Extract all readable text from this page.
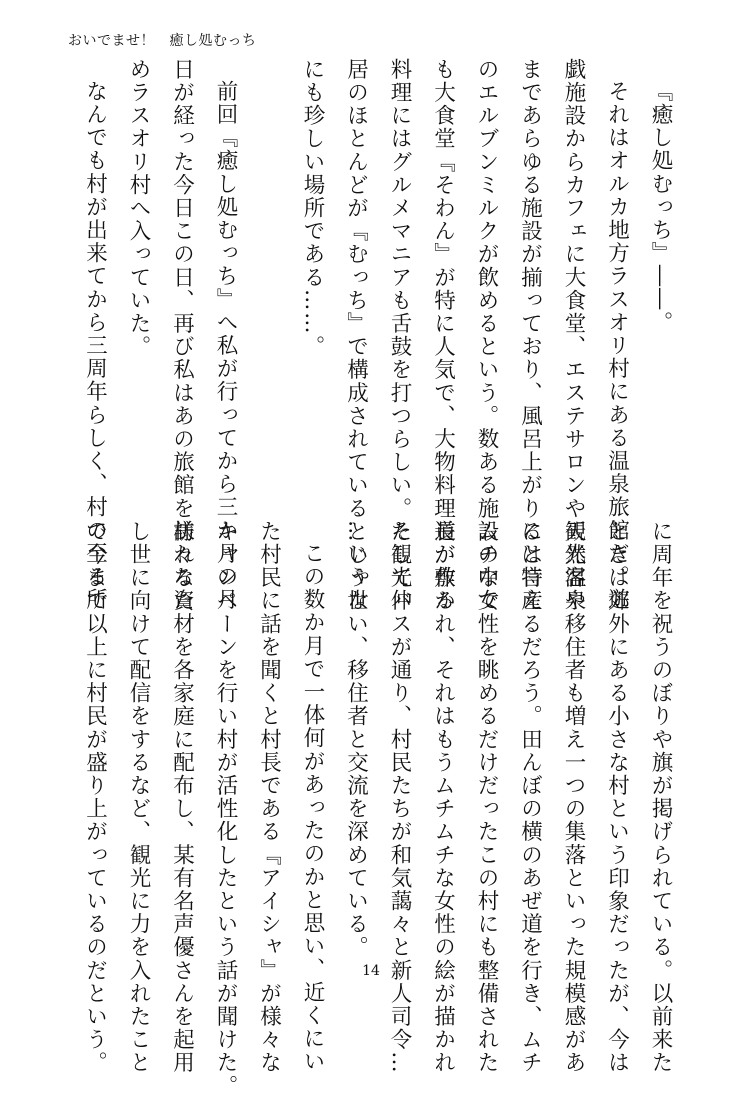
おいでませ！　癒し処むっち

『癒し処むっち』――。

それはオルカ地方ラスオリ村にある温泉旅館だ。遊

戯施設からカフェに大食堂、エステサロンや天然温泉

まであらゆる施設が揃っており、風呂上がりには特産

のエルブンミルクが飲めるという。数ある施設の中で

も大食堂『そわん』が特に人気で、大物料理長が作る

料理にはグルメマニアも舌鼓を打つらしい。そして仲

居のほとんどが『むっち』で構成されているという世

にも珍しい場所である……。

前回『癒し処むっち』へ私が行ってから三か月の月

日が経った今日この日、再び私はあの旅館を訪れるた

めラスオリ村へ入っていた。

なんでも村が出来てから三周年らしく、村の至る所

に周年を祝うのぼりや旗が掲げられている。以前来た

ときは郊外にある小さな村という印象だったが、今は

観光客や移住者も増え一つの集落といった規模感があ

ると言えるだろう。田んぼの横のあぜ道を行き、ムチ

ムチな女性を眺めるだけだったこの村にも整備された

道が敷かれ、それはもうムチムチな女性の絵が描かれ

た観光バスが通り、村民たちが和気藹々と新人司令…

…じゃない、移住者と交流を深めている。

この数か月で一体何があったのかと思い、近くにい

た村民に話を聞くと村長である『アイシャ』が様々な

キャンペーンを行い村が活性化したという話が聞けた。

様々な資材を各家庭に配布し、某有名声優さんを起用

し世に向けて配信をするなど、観光に力を入れたこと

で今まで以上に村民が盛り上がっているのだという。	14
